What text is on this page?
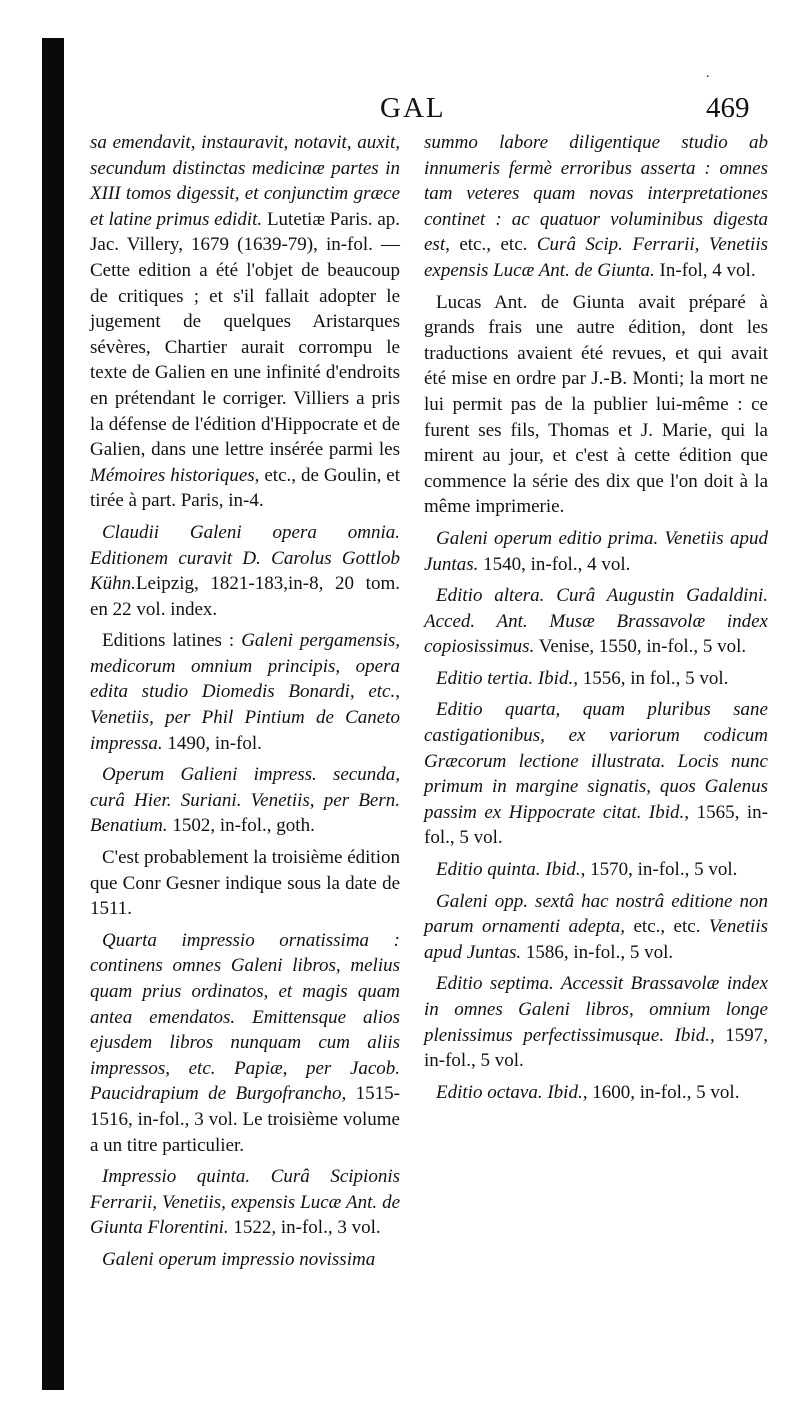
.
GAL	469

sa emendavit, instauravit, notavit, auxit, secundum distinctas medicinæ partes in XIII tomos digessit, et conjunctim græce et latine primus edidit. Lutetiæ Paris. ap. Jac. Villery, 1679 (1639-79), in-fol. — Cette edition a été l'objet de beaucoup de critiques ; et s'il fallait adopter le jugement de quelques Aristarques sévères, Chartier aurait corrompu le texte de Galien en une infinité d'endroits en prétendant le corriger. Villiers a pris la défense de l'édition d'Hippocrate et de Galien, dans une lettre insérée parmi les Mémoires historiques, etc., de Goulin, et tirée à part. Paris, in-4.

Claudii Galeni opera omnia. Editionem curavit D. Carolus Gottlob Kühn.Leipzig, 1821-183,in-8, 20 tom. en 22 vol. index.

Editions latines : Galeni pergamensis, medicorum omnium principis, opera edita studio Diomedis Bonardi, etc., Venetiis, per Phil Pintium de Caneto impressa. 1490, in-fol.

Operum Galieni impress. secunda, curâ Hier. Suriani. Venetiis, per Bern. Benatium. 1502, in-fol., goth.

C'est probablement la troisième édition que Conr Gesner indique sous la date de 1511.

Quarta impressio ornatissima : continens omnes Galeni libros, melius quam prius ordinatos, et magis quam antea emendatos. Emittensque alios ejusdem libros nunquam cum aliis impressos, etc. Papiæ, per Jacob. Paucidrapium de Burgofrancho, 1515-1516, in-fol., 3 vol. Le troisième volume a un titre particulier.

Impressio quinta. Curâ Scipionis Ferrarii, Venetiis, expensis Lucæ Ant. de Giunta Florentini. 1522, in-fol., 3 vol.

Galeni operum impressio novissima

summo labore diligentique studio ab innumeris fermè erroribus asserta : omnes tam veteres quam novas interpretationes continet : ac quatuor voluminibus digesta est, etc., etc. Curâ Scip. Ferrarii, Venetiis expensis Lucæ Ant. de Giunta. In-fol, 4 vol.

Lucas Ant. de Giunta avait préparé à grands frais une autre édition, dont les traductions avaient été revues, et qui avait été mise en ordre par J.-B. Monti; la mort ne lui permit pas de la publier lui-même : ce furent ses fils, Thomas et J. Marie, qui la mirent au jour, et c'est à cette édition que commence la série des dix que l'on doit à la même imprimerie.

Galeni operum editio prima. Venetiis apud Juntas. 1540, in-fol., 4 vol.

Editio altera. Curâ Augustin Gadaldini. Acced. Ant. Musæ Brassavolæ index copiosissimus. Venise, 1550, in-fol., 5 vol.

Editio tertia. Ibid., 1556, in fol., 5 vol.

Editio quarta, quam pluribus sane castigationibus, ex variorum codicum Græcorum lectione illustrata. Locis nunc primum in margine signatis, quos Galenus passim ex Hippocrate citat. Ibid., 1565, in-fol., 5 vol.

Editio quinta. Ibid., 1570, in-fol., 5 vol.

Galeni opp. sextâ hac nostrâ editione non parum ornamenti adepta, etc., etc. Venetiis apud Juntas. 1586, in-fol., 5 vol.

Editio septima. Accessit Brassavolæ index in omnes Galeni libros, omnium longe plenissimus perfectissimusque. Ibid., 1597, in-fol., 5 vol.

Editio octava. Ibid., 1600, in-fol., 5 vol.
